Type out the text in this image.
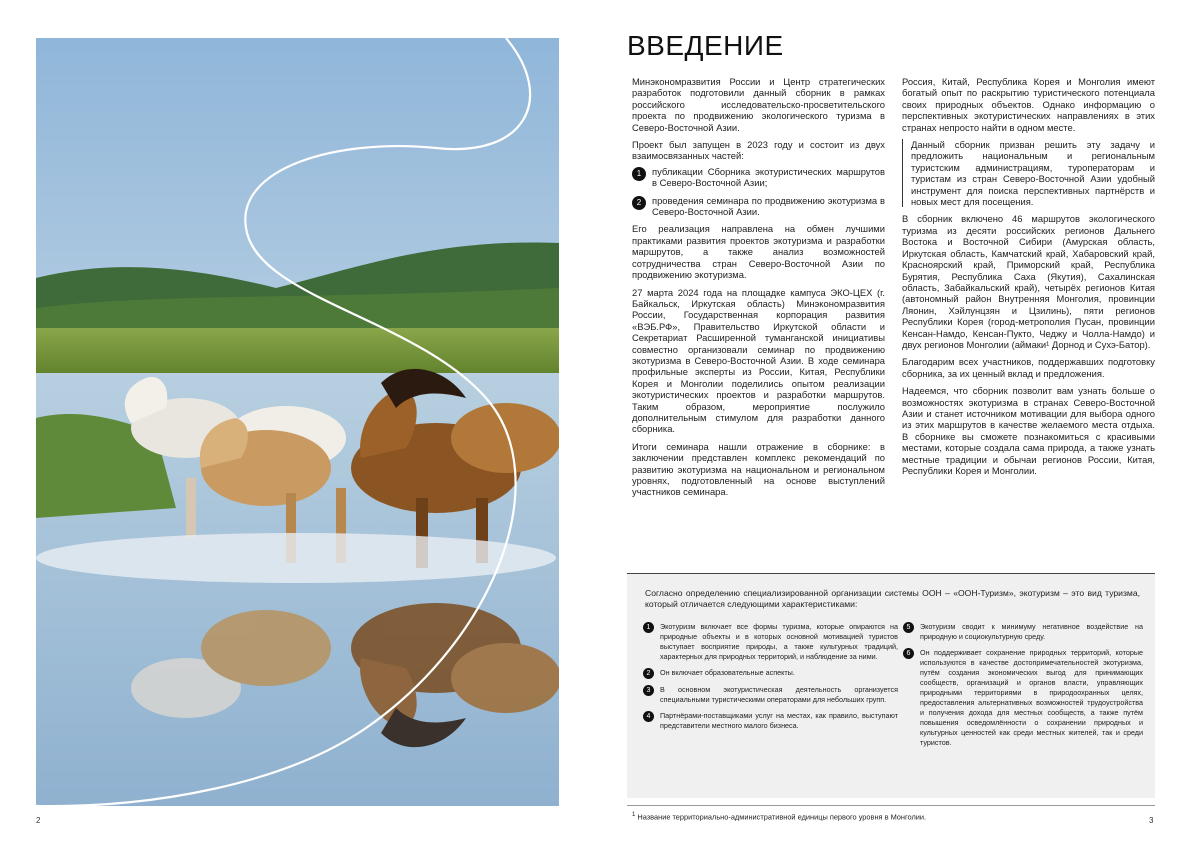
2
ВВЕДЕНИЕ

Минэкономразвития России и Центр стратегических разработок подготовили данный сборник в рамках российского исследовательско-просветительского проекта по продвижению экологического туризма в Северо-Восточной Азии.

Проект был запущен в 2023 году и состоит из двух взаимосвязанных частей:

1	публикации Сборника экотуристических маршрутов в Северо-Восточной Азии;
2	проведения семинара по продвижению экотуризма в Северо-Восточной Азии.

Его реализация направлена на обмен лучшими практиками развития проектов экотуризма и разработки маршрутов, а также анализ возможностей сотрудничества стран Северо-Восточной Азии по продвижению экотуризма.

27 марта 2024 года на площадке кампуса ЭКО-ЦЕХ (г. Байкальск, Иркутская область) Минэкономразвития России, Государственная корпорация развития «ВЭБ.РФ», Правительство Иркутской области и Секретариат Расширенной туманганской инициативы совместно организовали семинар по продвижению экотуризма в Северо-Восточной Азии. В ходе семинара профильные эксперты из России, Китая, Республики Корея и Монголии поделились опытом реализации экотуристических проектов и разработки маршрутов. Таким образом, мероприятие послужило дополнительным стимулом для разработки данного сборника.

Итоги семинара нашли отражение в сборнике: в заключении представлен комплекс рекомендаций по развитию экотуризма на национальном и региональном уровнях, подготовленный на основе выступлений участников семинара.

Россия, Китай, Республика Корея и Монголия имеют богатый опыт по раскрытию туристического потенциала своих природных объектов. Однако информацию о перспективных экотуристических направлениях в этих странах непросто найти в одном месте.

Данный сборник призван решить эту задачу и предложить национальным и региональным туристским администрациям, туроператорам и туристам из стран Северо-Восточной Азии удобный инструмент для поиска перспективных партнёрств и новых мест для посещения.

В сборник включено 46 маршрутов экологического туризма из десяти российских регионов Дальнего Востока и Восточной Сибири (Амурская область, Иркутская область, Камчатский край, Хабаровский край, Красноярский край, Приморский край, Республика Бурятия, Республика Саха (Якутия), Сахалинская область, Забайкальский край), четырёх регионов Китая (автономный район Внутренняя Монголия, провинции Ляонин, Хэйлунцзян и Цзилинь), пяти регионов Республики Корея (город-метрополия Пусан, провинции Кенсан-Намдо, Кенсан-Пукто, Чеджу и Чолла-Намдо) и двух регионов Монголии (аймаки¹ Дорнод и Сухэ-Батор).

Благодарим всех участников, поддержавших подготовку сборника, за их ценный вклад и предложения.

Надеемся, что сборник позволит вам узнать больше о возможностях экотуризма в странах Северо-Восточной Азии и станет источником мотивации для выбора одного из этих маршрутов в качестве желаемого места отдыха. В сборнике вы сможете познакомиться с красивыми местами, которые создала сама природа, а также узнать местные традиции и обычаи регионов России, Китая, Республики Корея и Монголии.

Согласно определению специализированной организации системы ООН – «ООН-Туризм», экотуризм – это вид туризма, который отличается следующими характеристиками:
1	Экотуризм включает все формы туризма, которые опираются на природные объекты и в которых основной мотивацией туристов выступает восприятие природы, а также культурных традиций, характерных для природных территорий, и наблюдение за ними.
2	Он включает образовательные аспекты.
3	В основном экотуристическая деятельность организуется специальными туристическими операторами для небольших групп.
4	Партнёрами-поставщиками услуг на местах, как правило, выступают представители местного малого бизнеса.
5	Экотуризм сводит к минимуму негативное воздействие на природную и социокультурную среду.
6	Он поддерживает сохранение природных территорий, которые используются в качестве достопримечательностей экотуризма, путём создания экономических выгод для принимающих сообществ, организаций и органов власти, управляющих природными территориями в природоохранных целях, предоставления альтернативных возможностей трудоустройства и получения дохода для местных сообществ, а также путём повышения осведомлённости о сохранении природных и культурных ценностей как среди местных жителей, так и среди туристов.
$^1$ Название территориально-административной единицы первого уровня в Монголии.	3
